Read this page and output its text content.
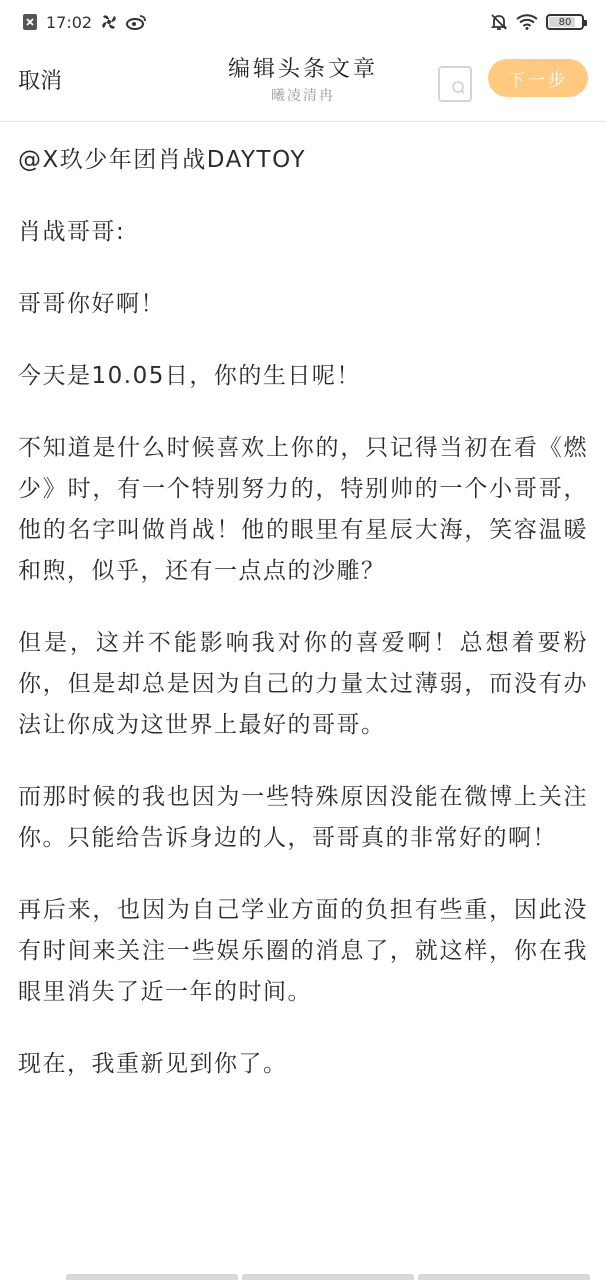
17:02	80
取消	编辑头条文章
曦凌清冉
下一步

@X玖少年团肖战DAYTOY

肖战哥哥:

哥哥你好啊！

今天是10.05日，你的生日呢！

不知道是什么时候喜欢上你的，只记得当初在看《燃少》时，有一个特别努力的，特别帅的一个小哥哥，他的名字叫做肖战！他的眼里有星辰大海，笑容温暖和煦，似乎，还有一点点的沙雕？

但是，这并不能影响我对你的喜爱啊！总想着要粉你，但是却总是因为自己的力量太过薄弱，而没有办法让你成为这世界上最好的哥哥。

而那时候的我也因为一些特殊原因没能在微博上关注你。只能给告诉身边的人，哥哥真的非常好的啊！

再后来，也因为自己学业方面的负担有些重，因此没有时间来关注一些娱乐圈的消息了，就这样，你在我眼里消失了近一年的时间。

现在，我重新见到你了。
